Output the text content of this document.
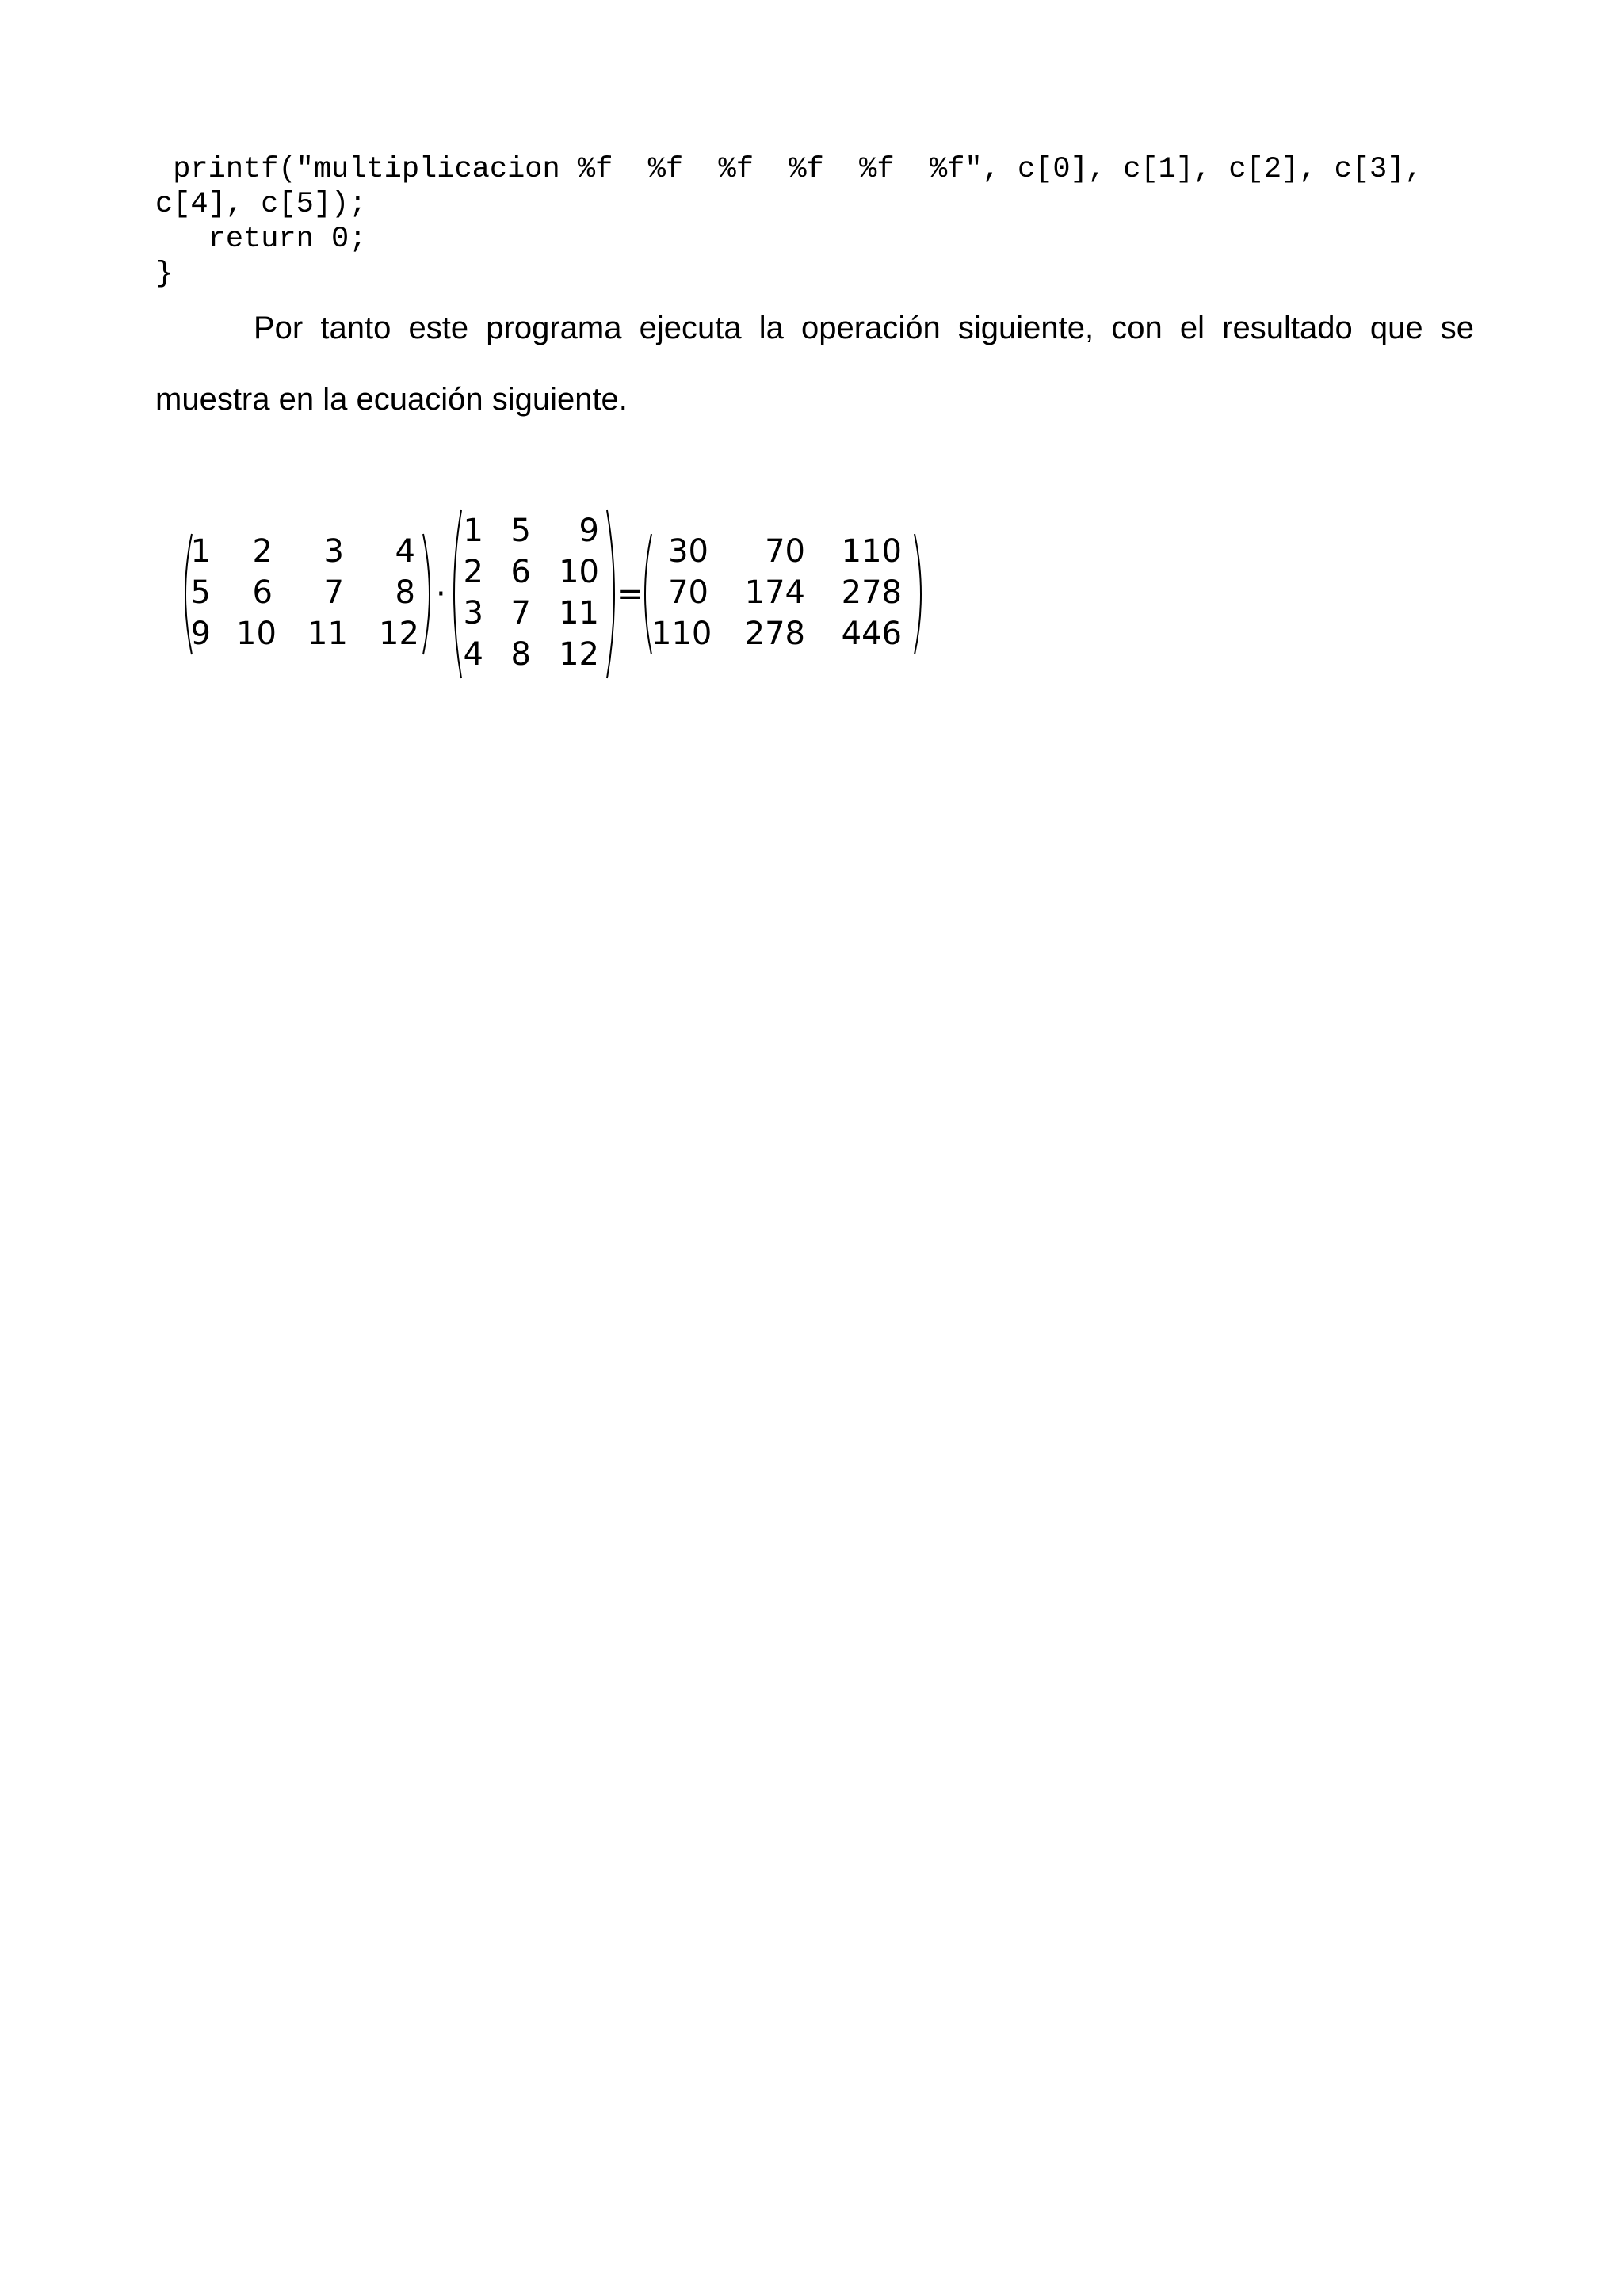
printf("multiplicacion %f  %f  %f  %f  %f  %f", c[0], c[1], c[2], c[3],
c[4], c[5]);
return 0;
}
Por tanto este programa ejecuta la operación siguiente, con el resultado que se
muestra en la ecuación siguiente.
1	2	3	4
5	6	7	8
9 10 11 12
·
1 5	9
2 6 10
3 7 11
4 8 12
=
30	70 110
70 174 278
110 278 446
